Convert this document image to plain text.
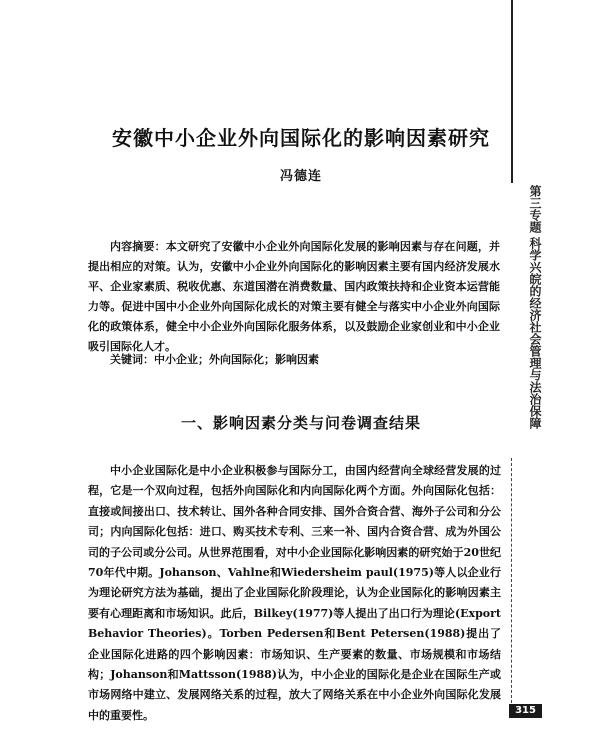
第三专题 科学兴皖的经济社会管理与法治保障
315
安徽中小企业外向国际化的影响因素研究
冯德连
内容摘要：本文研究了安徽中小企业外向国际化发展的影响因素与存在问题，并提出相应的对策。认为，安徽中小企业外向国际化的影响因素主要有国内经济发展水平、企业家素质、税收优惠、东道国潜在消费数量、国内政策扶持和企业资本运营能力等。促进中国中小企业外向国际化成长的对策主要有健全与落实中小企业外向国际化的政策体系，健全中小企业外向国际化服务体系，以及鼓励企业家创业和中小企业吸引国际化人才。
关键词：中小企业；外向国际化；影响因素
一、影响因素分类与问卷调查结果
中小企业国际化是中小企业积极参与国际分工，由国内经营向全球经营发展的过程，它是一个双向过程，包括外向国际化和内向国际化两个方面。外向国际化包括：直接或间接出口、技术转让、国外各种合同安排、国外合资合营、海外子公司和分公司；内向国际化包括：进口、购买技术专利、三来一补、国内合资合营、成为外国公司的子公司或分公司。从世界范围看，对中小企业国际化影响因素的研究始于20世纪70年代中期。Johanson、Vahlne和Wiedersheim paul(1975)等人以企业行为理论研究方法为基础，提出了企业国际化阶段理论，认为企业国际化的影响因素主要有心理距离和市场知识。此后，Bilkey(1977)等人提出了出口行为理论(Export Behavior Theories)。Torben Pedersen和Bent Petersen(1988)提出了企业国际化进路的四个影响因素：市场知识、生产要素的数量、市场规模和市场结构；Johanson和Mattsson(1988)认为，中小企业的国际化是企业在国际生产或市场网络中建立、发展网络关系的过程，放大了网络关系在中小企业外向国际化发展中的重要性。
